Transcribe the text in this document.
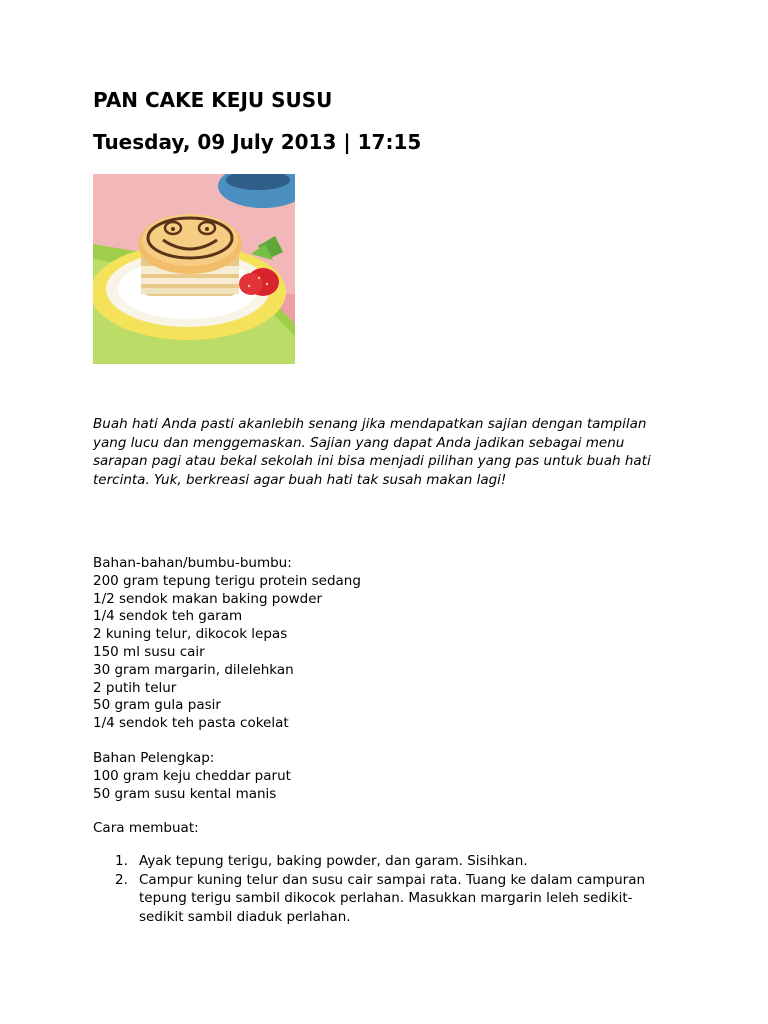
PAN CAKE KEJU SUSU
Tuesday, 09 July 2013 | 17:15
Buah hati Anda pasti akanlebih senang jika mendapatkan sajian dengan tampilan yang lucu dan menggemaskan. Sajian yang dapat Anda jadikan sebagai menu sarapan pagi atau bekal sekolah ini bisa menjadi pilihan yang pas untuk buah hati tercinta. Yuk, berkreasi agar buah hati tak susah makan lagi!
Bahan-bahan/bumbu-bumbu:
200 gram tepung terigu protein sedang
1/2 sendok makan baking powder
1/4 sendok teh garam
2 kuning telur, dikocok lepas
150 ml susu cair
30 gram margarin, dilelehkan
2 putih telur
50 gram gula pasir
1/4 sendok teh pasta cokelat
Bahan Pelengkap:
100 gram keju cheddar parut
50 gram susu kental manis
Cara membuat:
1. Ayak tepung terigu, baking powder, dan garam. Sisihkan.
2. Campur kuning telur dan susu cair sampai rata. Tuang ke dalam campuran tepung terigu sambil dikocok perlahan. Masukkan margarin leleh sedikit-sedikit sambil diaduk perlahan.
